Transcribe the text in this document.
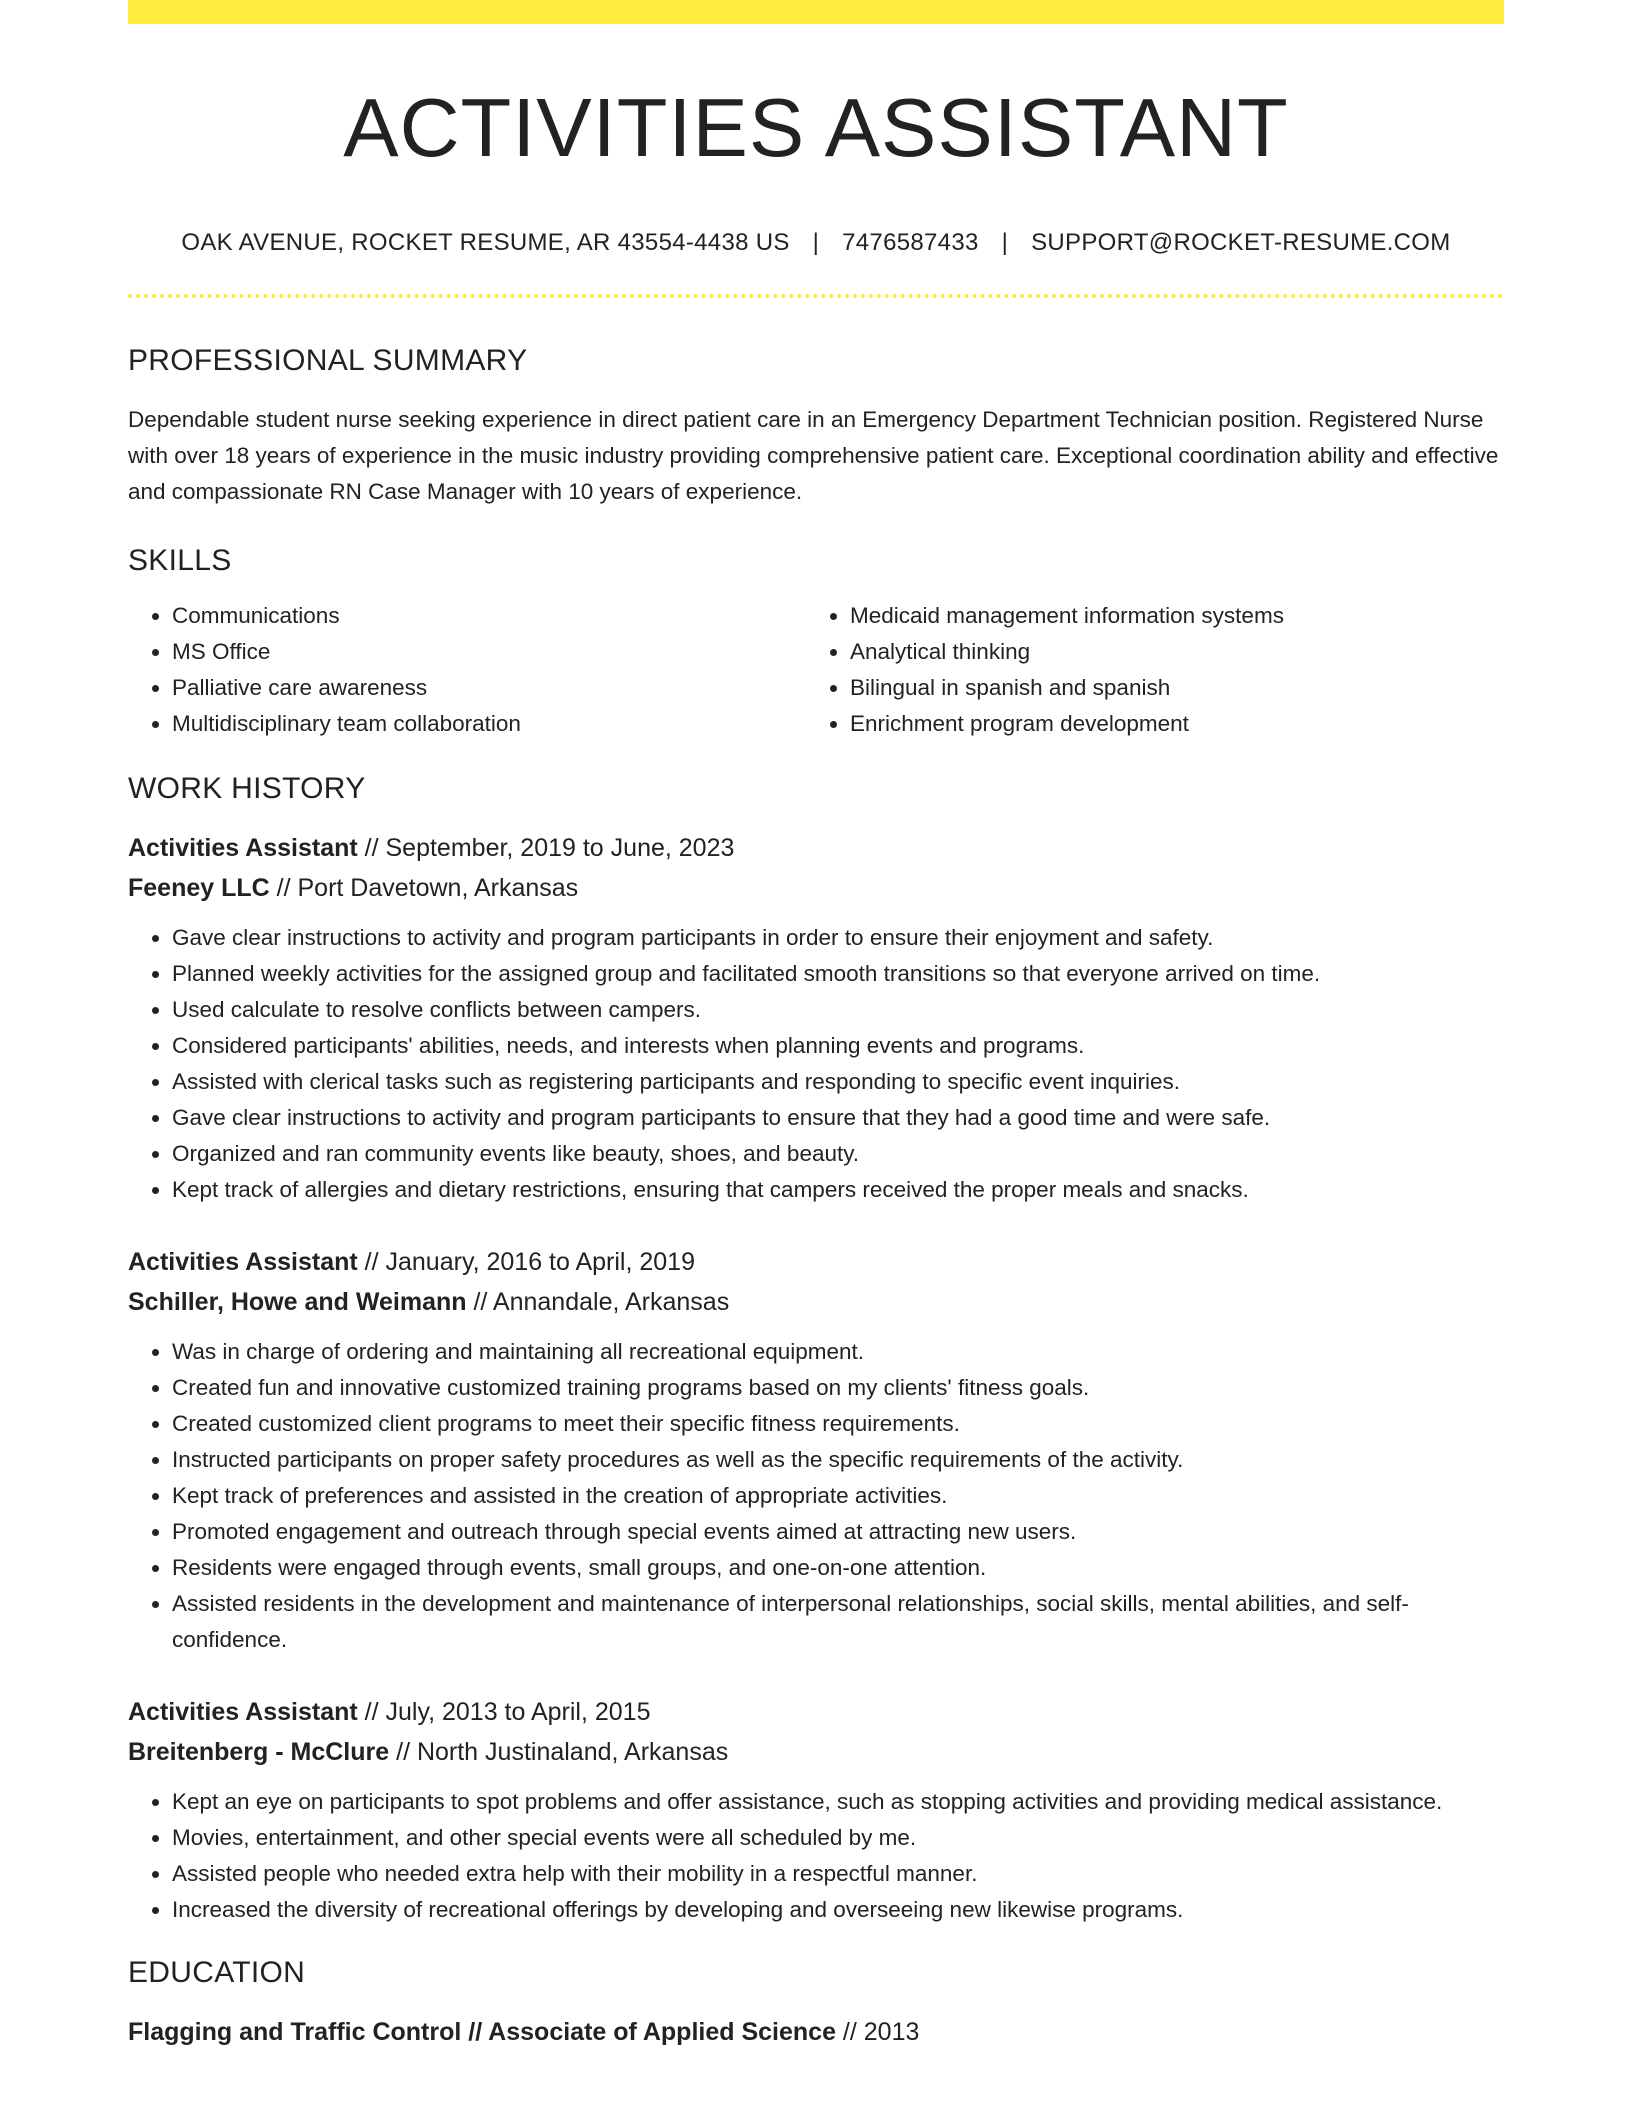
ACTIVITIES ASSISTANT
OAK AVENUE, ROCKET RESUME, AR 43554-4438 US | 7476587433 | SUPPORT@ROCKET-RESUME.COM
PROFESSIONAL SUMMARY
Dependable student nurse seeking experience in direct patient care in an Emergency Department Technician position. Registered Nurse with over 18 years of experience in the music industry providing comprehensive patient care. Exceptional coordination ability and effective and compassionate RN Case Manager with 10 years of experience.
SKILLS
• Communications
• MS Office
• Palliative care awareness
• Multidisciplinary team collaboration
• Medicaid management information systems
• Analytical thinking
• Bilingual in spanish and spanish
• Enrichment program development
WORK HISTORY
Activities Assistant // September, 2019 to June, 2023
Feeney LLC // Port Davetown, Arkansas
• Gave clear instructions to activity and program participants in order to ensure their enjoyment and safety.
• Planned weekly activities for the assigned group and facilitated smooth transitions so that everyone arrived on time.
• Used calculate to resolve conflicts between campers.
• Considered participants' abilities, needs, and interests when planning events and programs.
• Assisted with clerical tasks such as registering participants and responding to specific event inquiries.
• Gave clear instructions to activity and program participants to ensure that they had a good time and were safe.
• Organized and ran community events like beauty, shoes, and beauty.
• Kept track of allergies and dietary restrictions, ensuring that campers received the proper meals and snacks.
Activities Assistant // January, 2016 to April, 2019
Schiller, Howe and Weimann // Annandale, Arkansas
• Was in charge of ordering and maintaining all recreational equipment.
• Created fun and innovative customized training programs based on my clients' fitness goals.
• Created customized client programs to meet their specific fitness requirements.
• Instructed participants on proper safety procedures as well as the specific requirements of the activity.
• Kept track of preferences and assisted in the creation of appropriate activities.
• Promoted engagement and outreach through special events aimed at attracting new users.
• Residents were engaged through events, small groups, and one-on-one attention.
• Assisted residents in the development and maintenance of interpersonal relationships, social skills, mental abilities, and self-confidence.
Activities Assistant // July, 2013 to April, 2015
Breitenberg - McClure // North Justinaland, Arkansas
• Kept an eye on participants to spot problems and offer assistance, such as stopping activities and providing medical assistance.
• Movies, entertainment, and other special events were all scheduled by me.
• Assisted people who needed extra help with their mobility in a respectful manner.
• Increased the diversity of recreational offerings by developing and overseeing new likewise programs.
EDUCATION
Flagging and Traffic Control // Associate of Applied Science // 2013
